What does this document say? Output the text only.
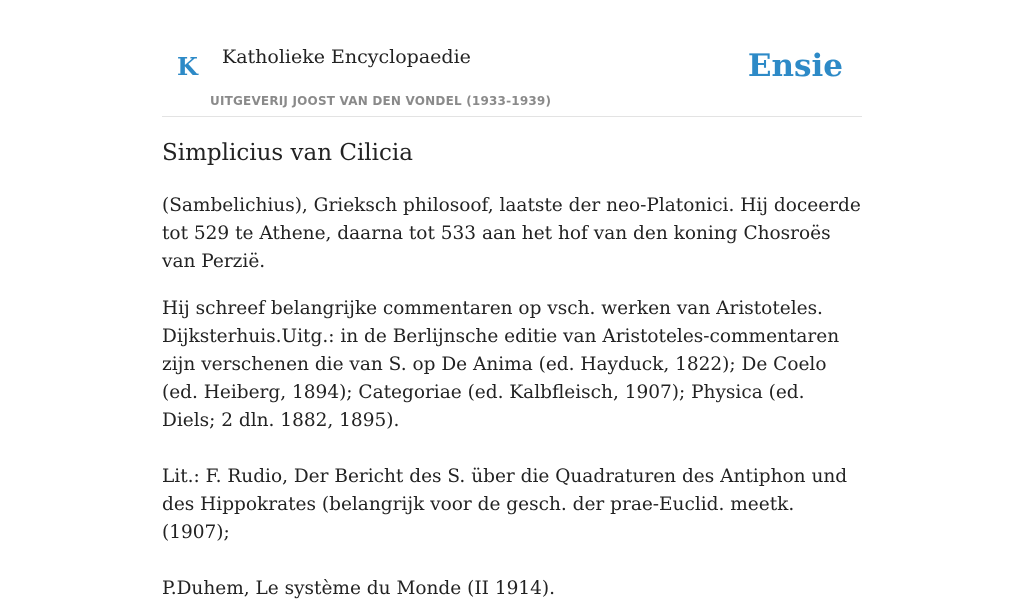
K Katholieke Encyclopaedie
UITGEVERIJ JOOST VAN DEN VONDEL (1933-1939)
Ensie
Simplicius van Cilicia

(Sambelichius), Grieksch philosoof, laatste der neo-Platonici. Hij doceerde tot 529 te Athene, daarna tot 533 aan het hof van den koning Chosroës van Perzië.

Hij schreef belangrijke commentaren op vsch. werken van Aristoteles. Dijksterhuis.Uitg.: in de Berlijnsche editie van Aristoteles-commentaren zijn verschenen die van S. op De Anima (ed. Hayduck, 1822); De Coelo (ed. Heiberg, 1894); Categoriae (ed. Kalbfleisch, 1907); Physica (ed. Diels; 2 dln. 1882, 1895).

Lit.: F. Rudio, Der Bericht des S. über die Quadraturen des Antiphon und des Hippokrates (belangrijk voor de gesch. der prae-Euclid. meetk. (1907);

P.Duhem, Le système du Monde (II 1914).
